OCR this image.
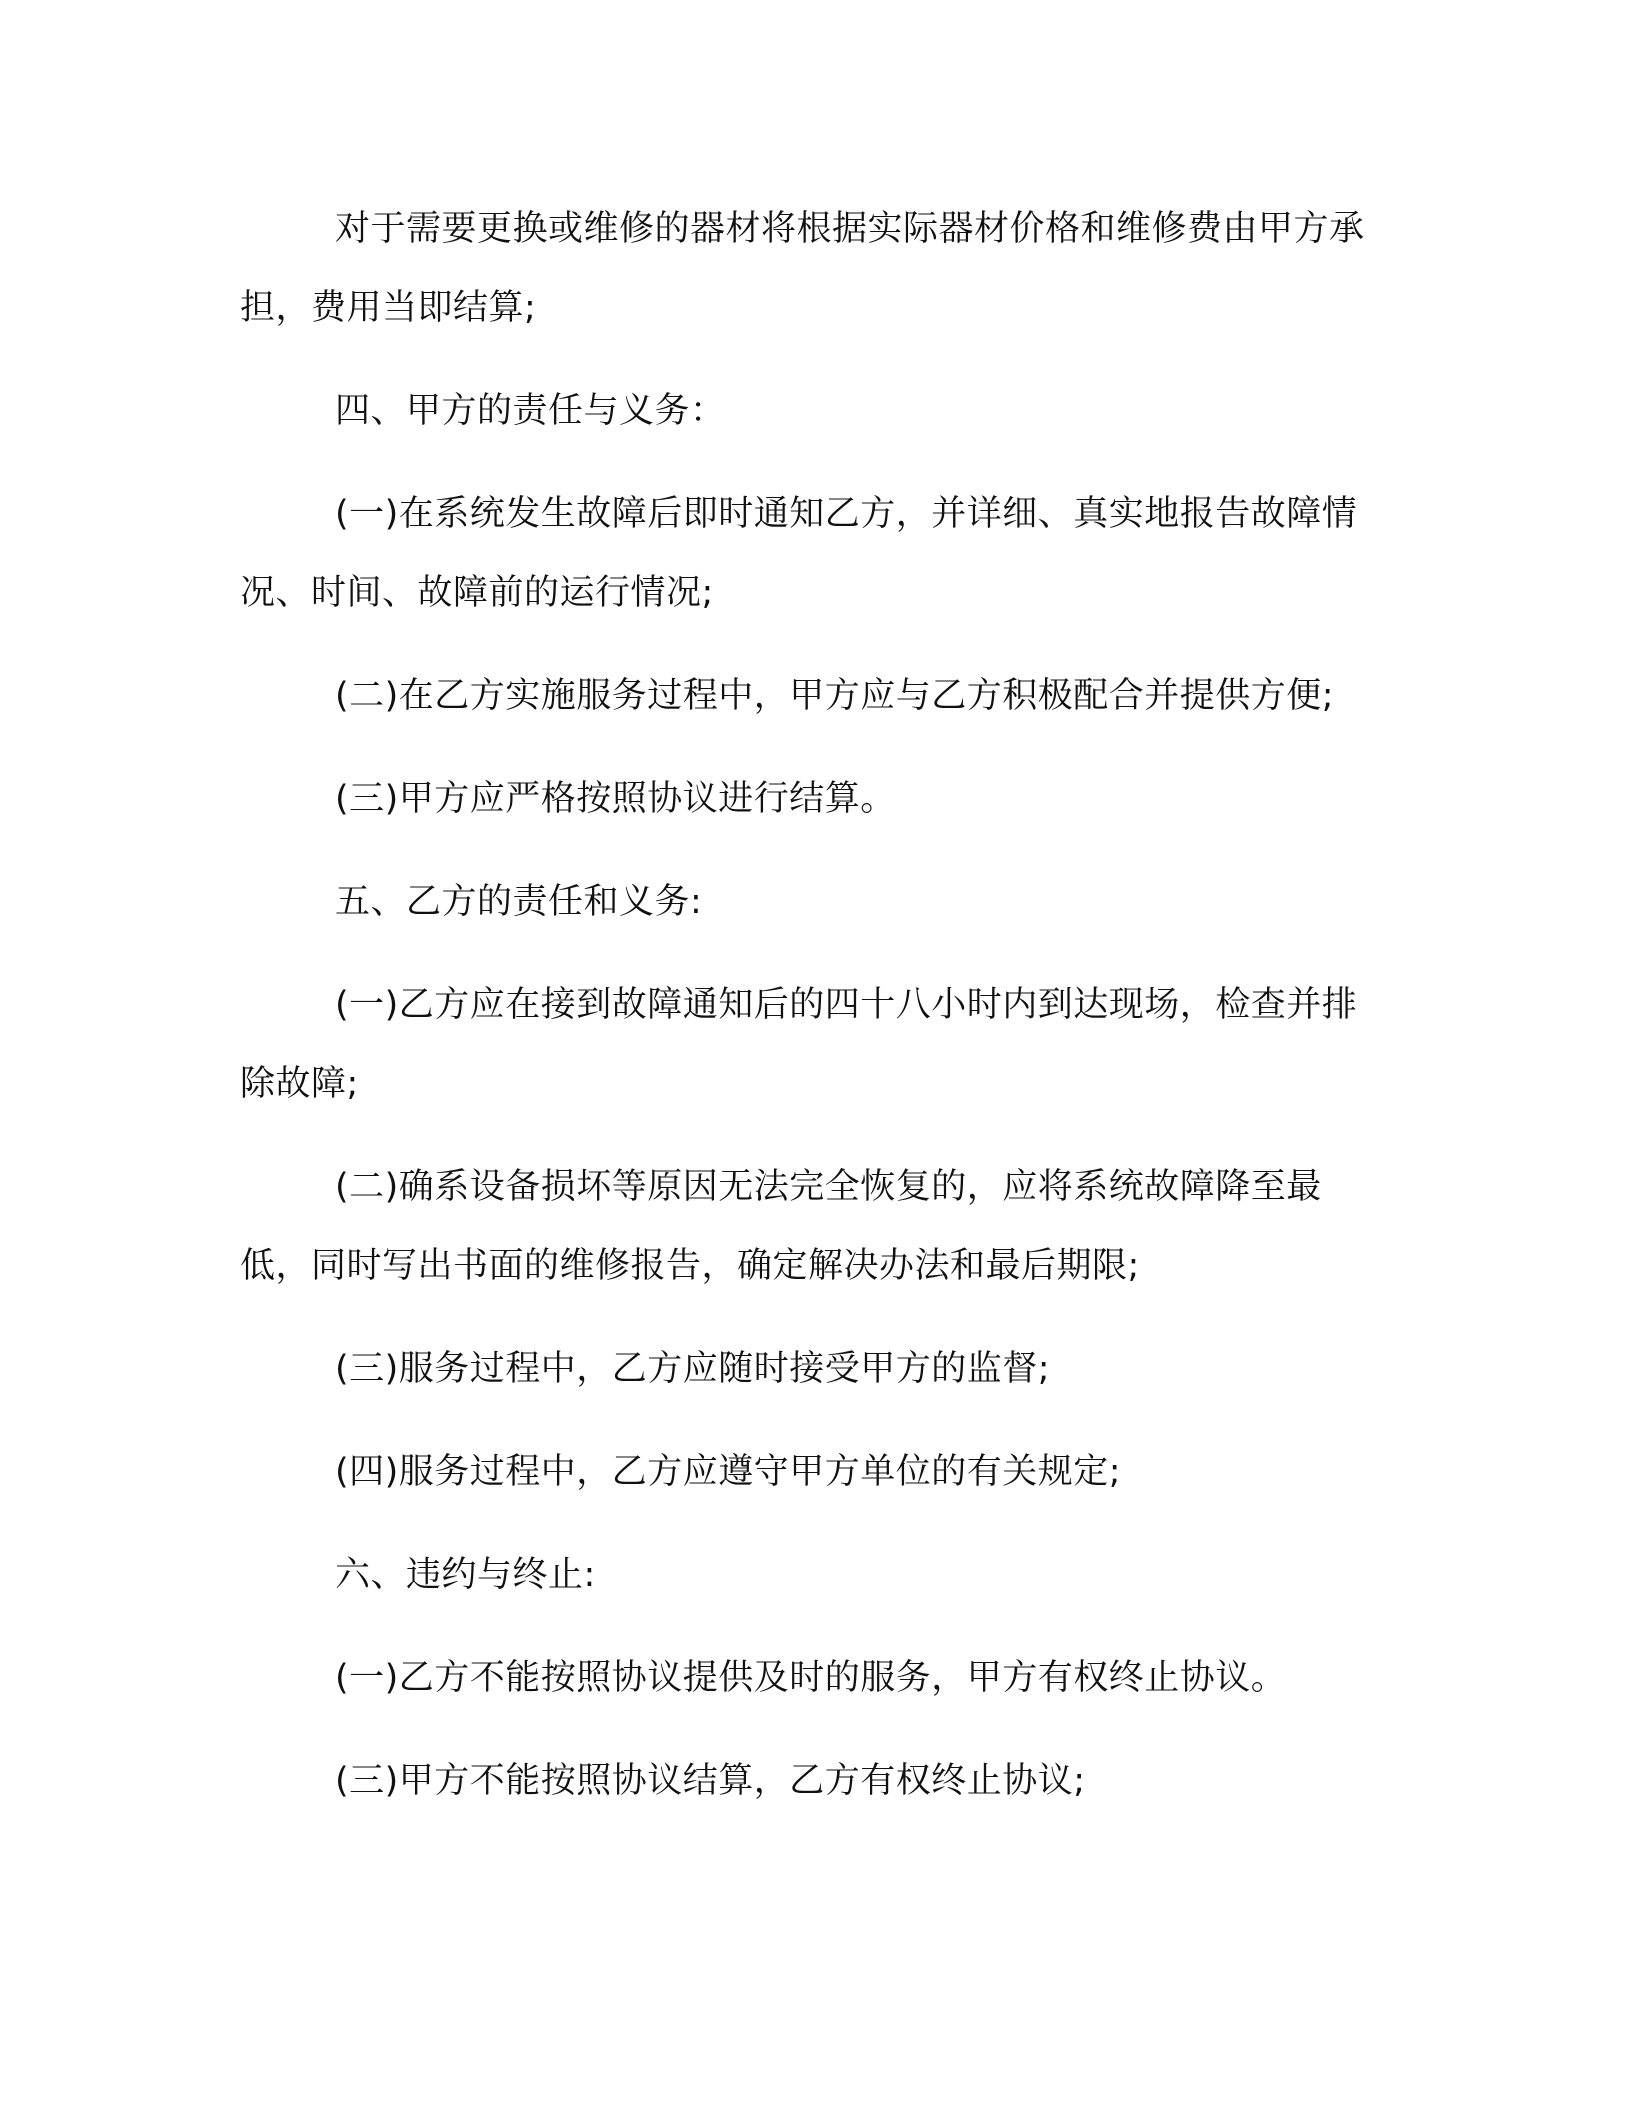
对于需要更换或维修的器材将根据实际器材价格和维修费由甲方承担，费用当即结算;

四、甲方的责任与义务：

(一)在系统发生故障后即时通知乙方，并详细、真实地报告故障情况、时间、故障前的运行情况;

(二)在乙方实施服务过程中，甲方应与乙方积极配合并提供方便;

(三)甲方应严格按照协议进行结算。

五、乙方的责任和义务:

(一)乙方应在接到故障通知后的四十八小时内到达现场，检查并排除故障;

(二)确系设备损坏等原因无法完全恢复的，应将系统故障降至最低，同时写出书面的维修报告，确定解决办法和最后期限;

(三)服务过程中，乙方应随时接受甲方的监督;

(四)服务过程中，乙方应遵守甲方单位的有关规定;

六、违约与终止:

(一)乙方不能按照协议提供及时的服务，甲方有权终止协议。

(三)甲方不能按照协议结算，乙方有权终止协议;
